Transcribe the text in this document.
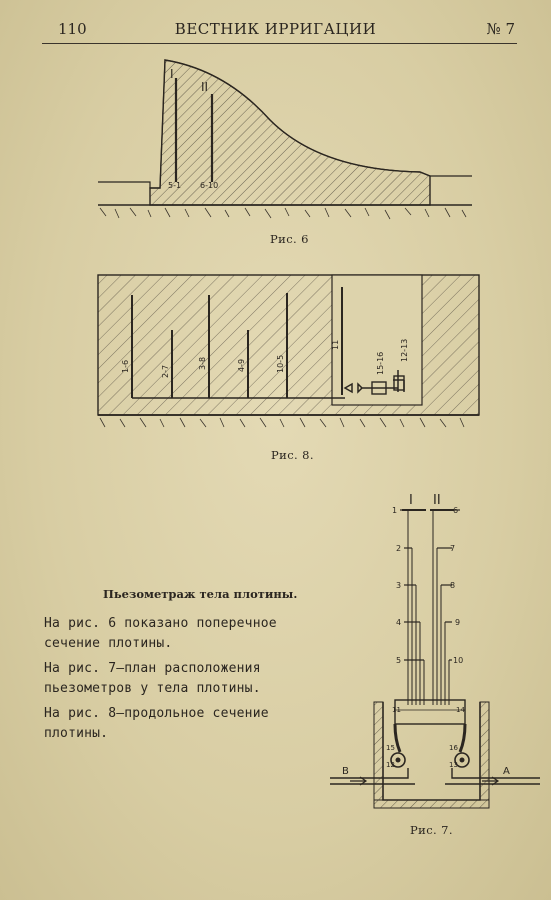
110	ВЕСТНИК ИРРИГАЦИИ	№ 7
I
II
5-1 6-10
1-6	2-7
3-8	4-9	10-5
11
15-16
12-13
I II
1
2
3
4
5
6
7
8
9
10
B	A
11	14
15
12	13
16
Рис. 6
Рис. 8.
Рис. 7.
Пьезометраж тела плотины.
На рис. 6 показано поперечное сечение плотины.
На рис. 7—план расположения пьезометров у тела плотины.
На рис. 8—продольное сечение плотины.
